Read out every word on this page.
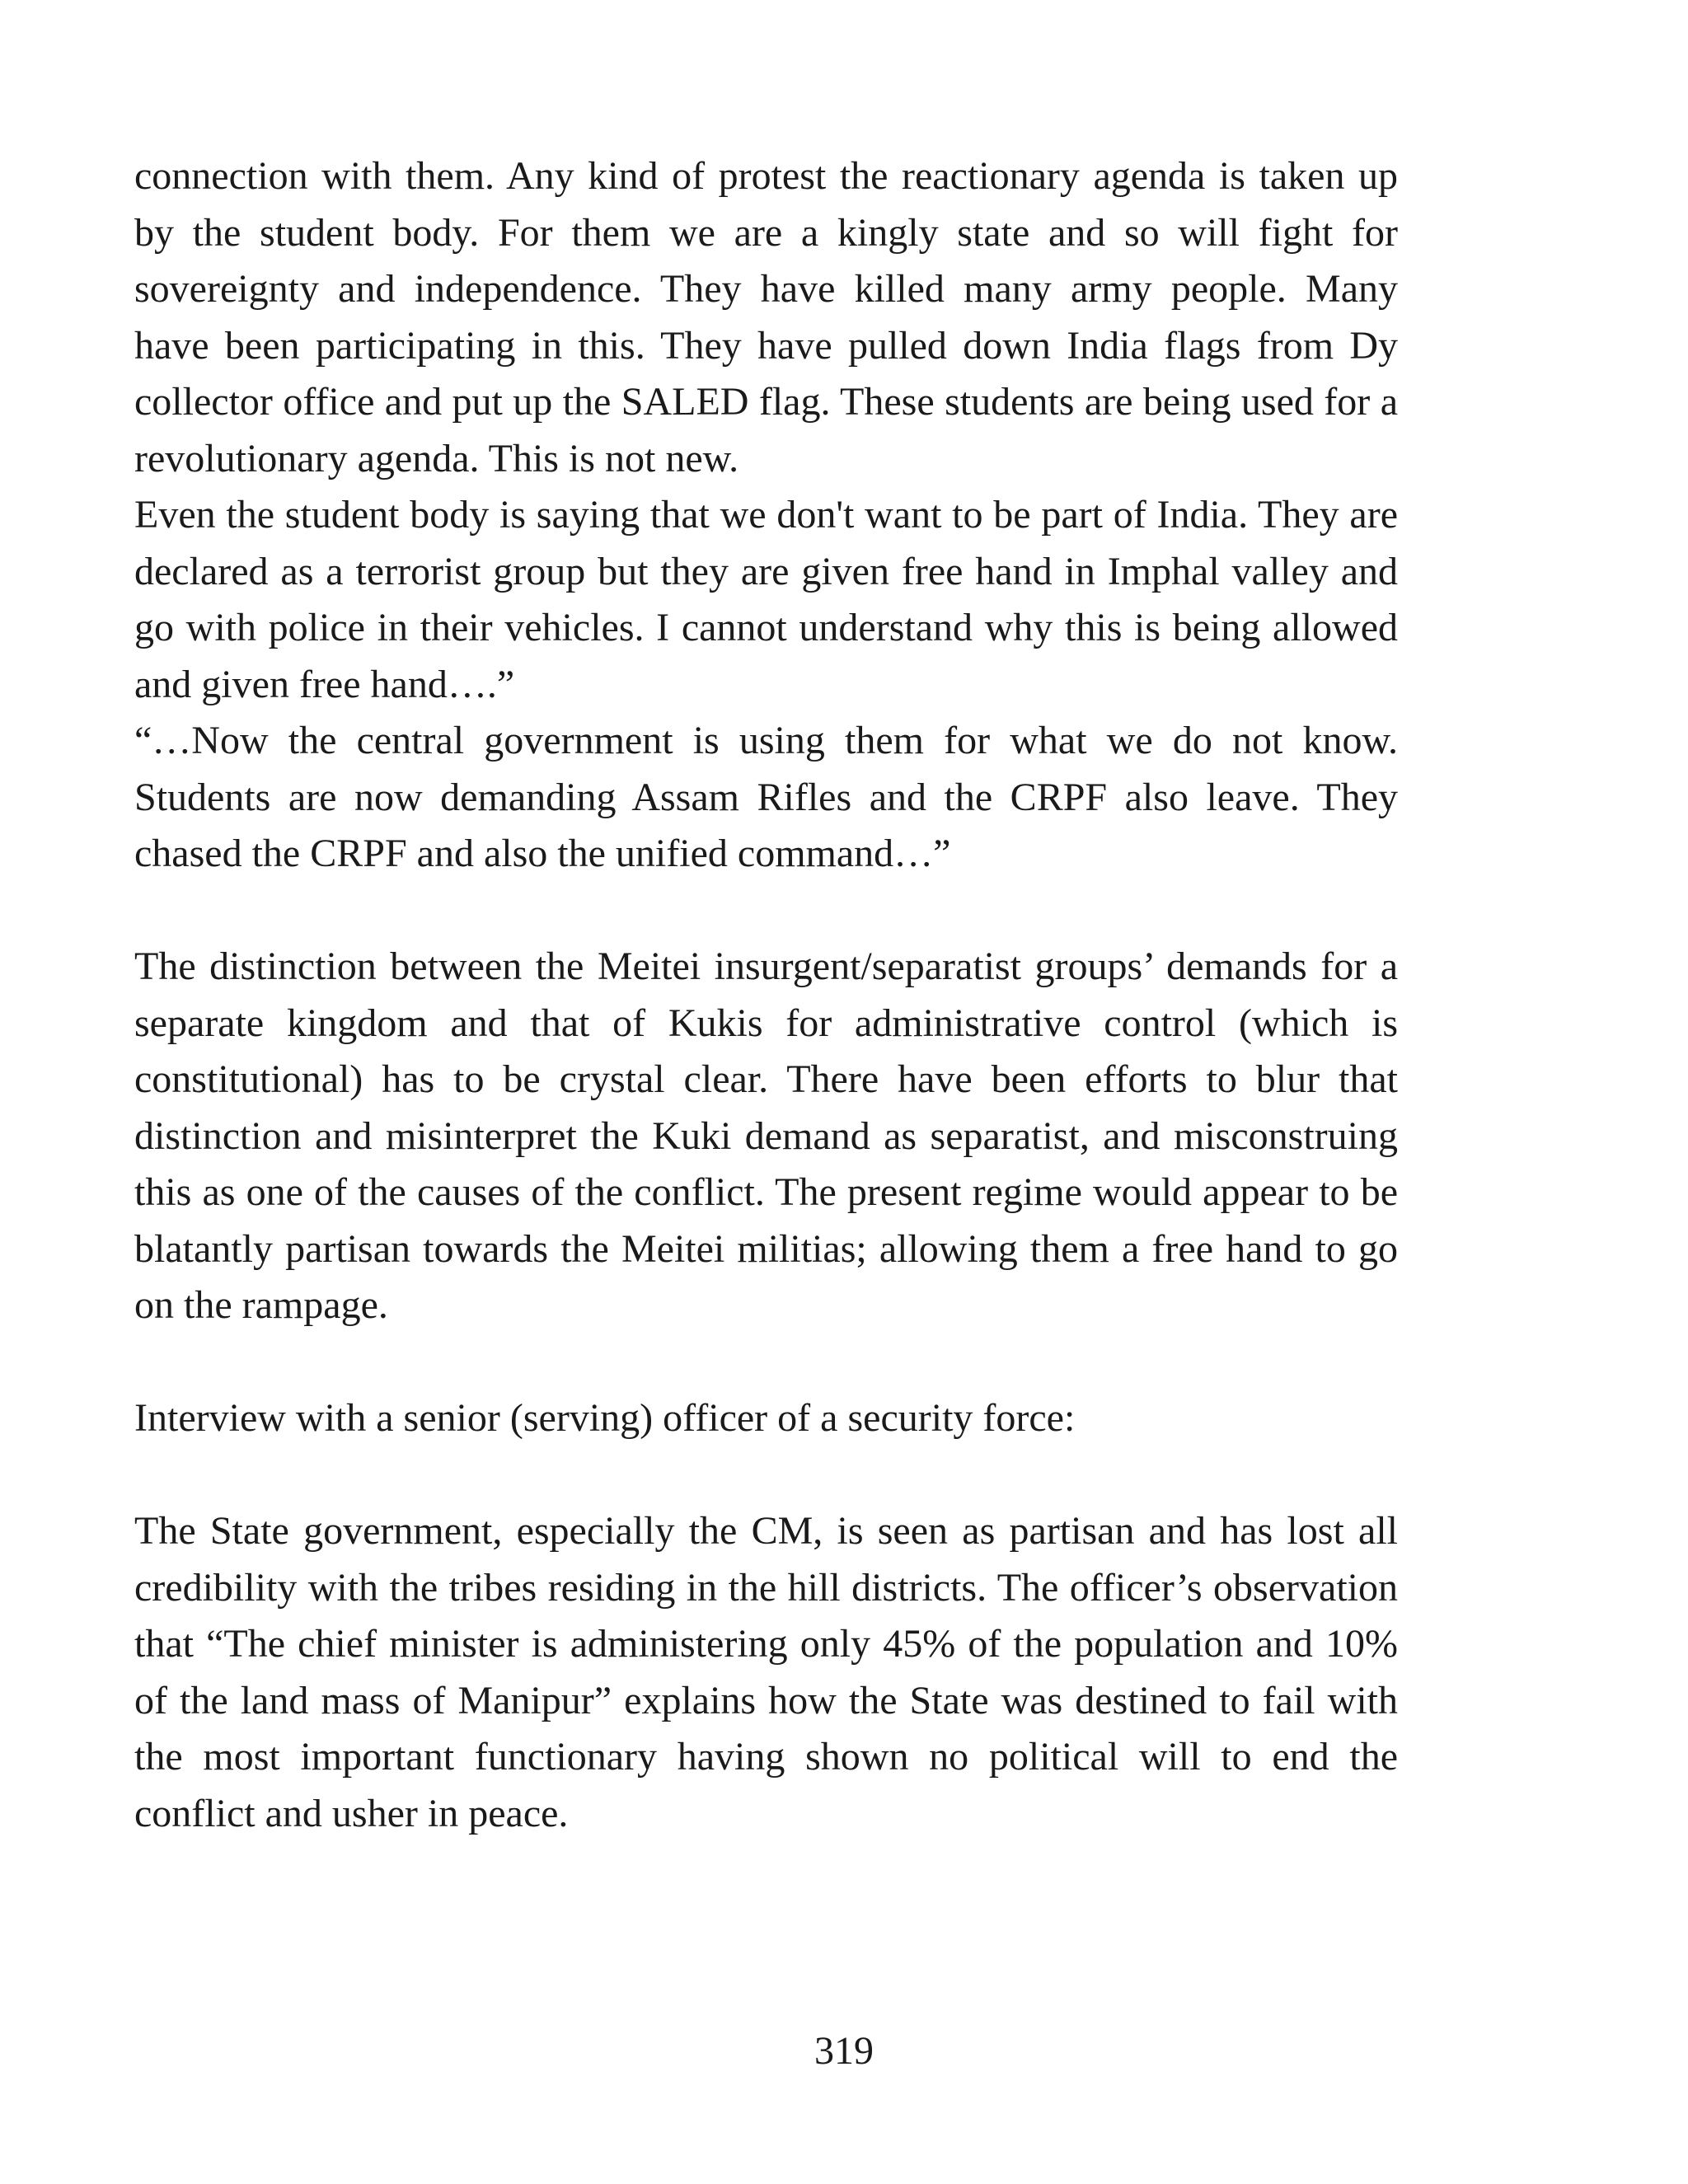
connection with them. Any kind of protest the reactionary agenda is taken up by the student body. For them we are a kingly state and so will fight for sovereignty and independence. They have killed many army people. Many have been participating in this. They have pulled down India flags from Dy collector office and put up the SALED flag. These students are being used for a revolutionary agenda. This is not new.

Even the student body is saying that we don't want to be part of India. They are declared as a terrorist group but they are given free hand in Imphal valley and go with police in their vehicles. I cannot understand why this is being allowed and given free hand….”

“…Now the central government is using them for what we do not know. Students are now demanding Assam Rifles and the CRPF also leave. They chased the CRPF and also the unified command…”

The distinction between the Meitei insurgent/separatist groups’ demands for a separate kingdom and that of Kukis for administrative control (which is constitutional) has to be crystal clear. There have been efforts to blur that distinction and misinterpret the Kuki demand as separatist, and misconstruing this as one of the causes of the conflict. The present regime would appear to be blatantly partisan towards the Meitei militias; allowing them a free hand to go on the rampage.

Interview with a senior (serving) officer of a security force:

The State government, especially the CM, is seen as partisan and has lost all credibility with the tribes residing in the hill districts. The officer’s observation that “The chief minister is administering only 45% of the population and 10% of the land mass of Manipur” explains how the State was destined to fail with the most important functionary having shown no political will to end the conflict and usher in peace.

319
